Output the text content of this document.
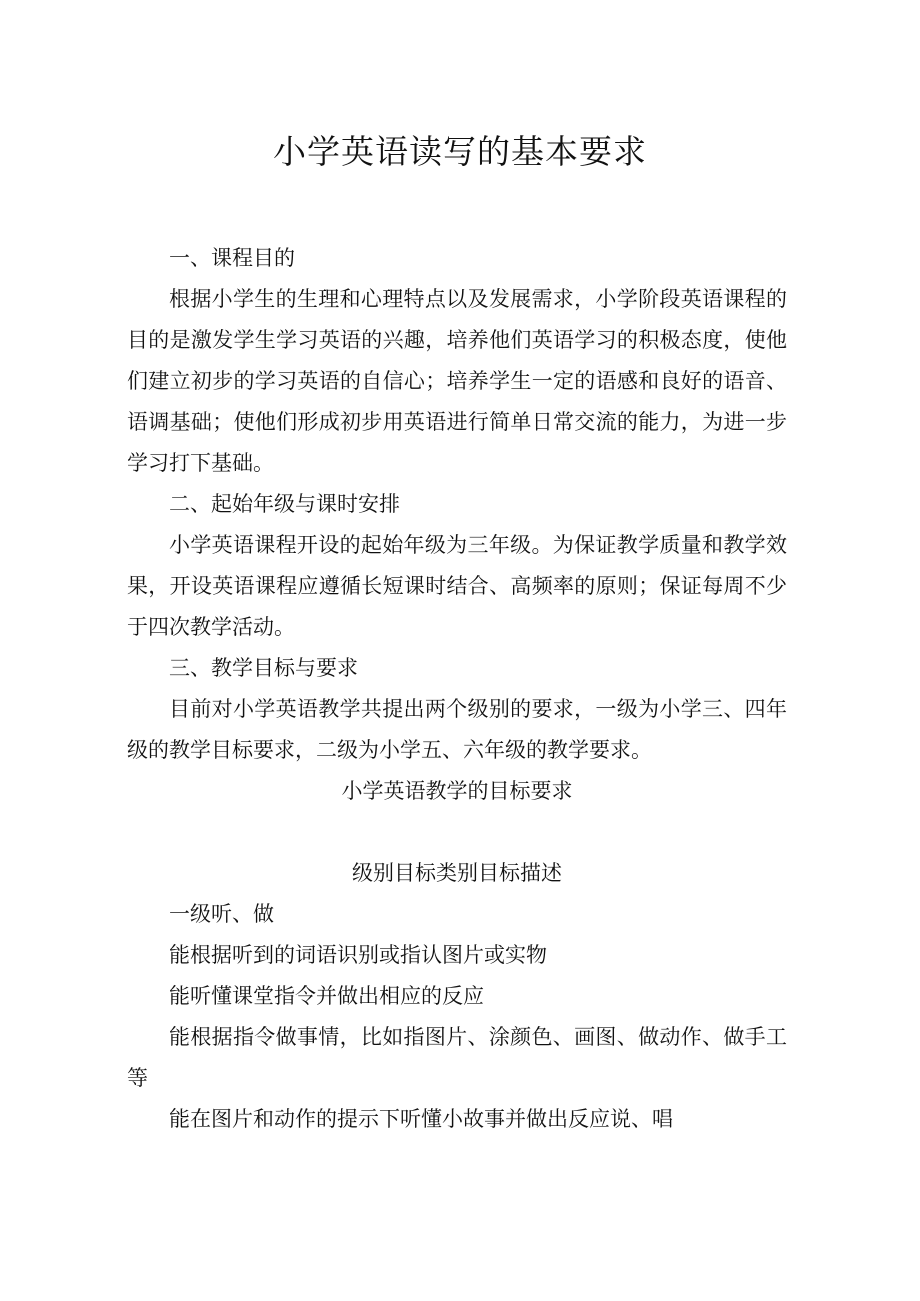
小学英语读写的基本要求

一、课程目的

根据小学生的生理和心理特点以及发展需求，小学阶段英语课程的目的是激发学生学习英语的兴趣，培养他们英语学习的积极态度，使他们建立初步的学习英语的自信心；培养学生一定的语感和良好的语音、语调基础；使他们形成初步用英语进行简单日常交流的能力，为进一步学习打下基础。

二、起始年级与课时安排

小学英语课程开设的起始年级为三年级。为保证教学质量和教学效果，开设英语课程应遵循长短课时结合、高频率的原则；保证每周不少于四次教学活动。

三、教学目标与要求

目前对小学英语教学共提出两个级别的要求，一级为小学三、四年级的教学目标要求，二级为小学五、六年级的教学要求。

小学英语教学的目标要求

级别目标类别目标描述

一级听、做

能根据听到的词语识别或指认图片或实物

能听懂课堂指令并做出相应的反应

能根据指令做事情，比如指图片、涂颜色、画图、做动作、做手工等

能在图片和动作的提示下听懂小故事并做出反应说、唱
